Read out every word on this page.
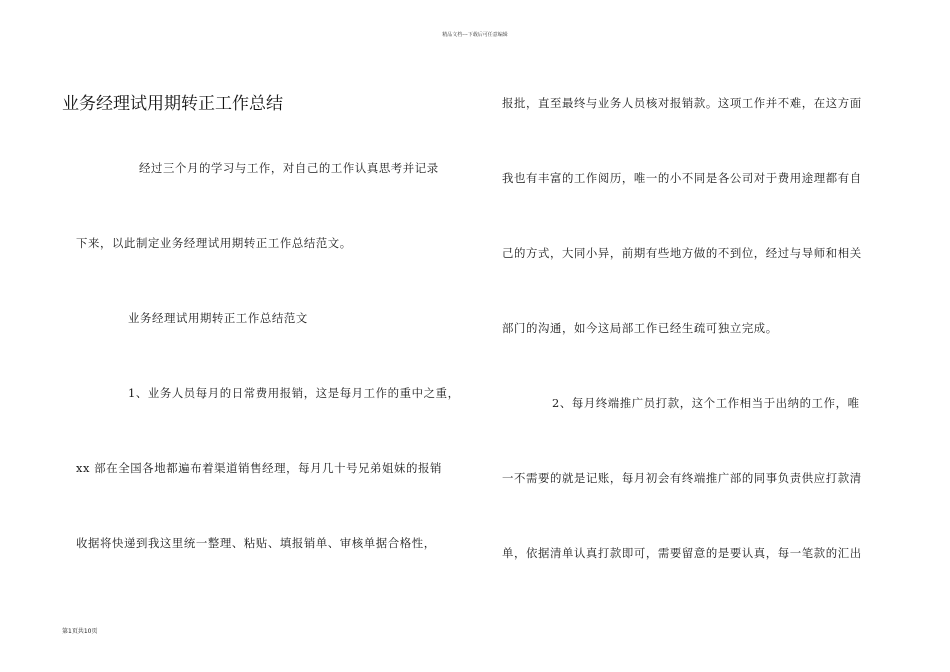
精品文档---下载后可任意编辑
业务经理试用期转正工作总结
经过三个月的学习与工作，对自己的工作认真思考并记录
下来，以此制定业务经理试用期转正工作总结范文。
业务经理试用期转正工作总结范文
1、业务人员每月的日常费用报销，这是每月工作的重中之重，
xx 部在全国各地都遍布着渠道销售经理，每月几十号兄弟姐妹的报销
收据将快递到我这里统一整理、粘贴、填报销单、审核单据合格性，
报批，直至最终与业务人员核对报销款。这项工作并不难，在这方面
我也有丰富的工作阅历，唯一的小不同是各公司对于费用途理都有自
己的方式，大同小异，前期有些地方做的不到位，经过与导师和相关
部门的沟通，如今这局部工作已经生疏可独立完成。
2、每月终端推广员打款，这个工作相当于出纳的工作，唯
一不需要的就是记账，每月初会有终端推广部的同事负责供应打款清
单，依据清单认真打款即可，需要留意的是要认真，每一笔款的汇出
第1页共10页
